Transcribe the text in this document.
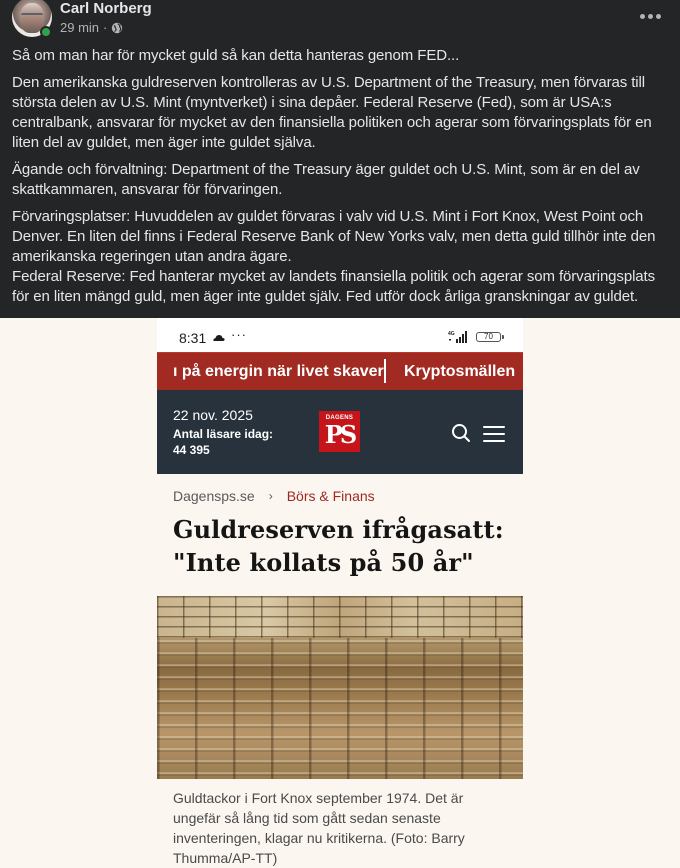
Carl Norberg
29 min ·

Så om man har för mycket guld så kan detta hanteras genom FED...

Den amerikanska guldreserven kontrolleras av U.S. Department of the Treasury, men förvaras till största delen av U.S. Mint (myntverket) i sina depåer. Federal Reserve (Fed), som är USA:s centralbank, ansvarar för mycket av den finansiella politiken och agerar som förvaringsplats för en liten del av guldet, men äger inte guldet själva.

Ägande och förvaltning: Department of the Treasury äger guldet och U.S. Mint, som är en del av skattkammaren, ansvarar för förvaringen.

Förvaringsplatser: Huvuddelen av guldet förvaras i valv vid U.S. Mint i Fort Knox, West Point och Denver. En liten del finns i Federal Reserve Bank of New Yorks valv, men detta guld tillhör inte den amerikanska regeringen utan andra ägare.

Federal Reserve: Fed hanterar mycket av landets finansiella politik och agerar som förvaringsplats för en liten mängd guld, men äger inte guldet själv. Fed utför dock årliga granskningar av guldet.

8:31 ···	4G	70
ı på energin när livet skaver Kryptosmällen
22 nov. 2025
Antal läsare idag:
44 395
DAGENS
PS
Dagensps.se › Börs & Finans
Guldreserven ifrågasatt: "Inte kollats på 50 år"
Guldtackor i Fort Knox september 1974. Det är ungefär så lång tid som gått sedan senaste inventeringen, klagar nu kritikerna. (Foto: Barry Thumma/AP-TT)
